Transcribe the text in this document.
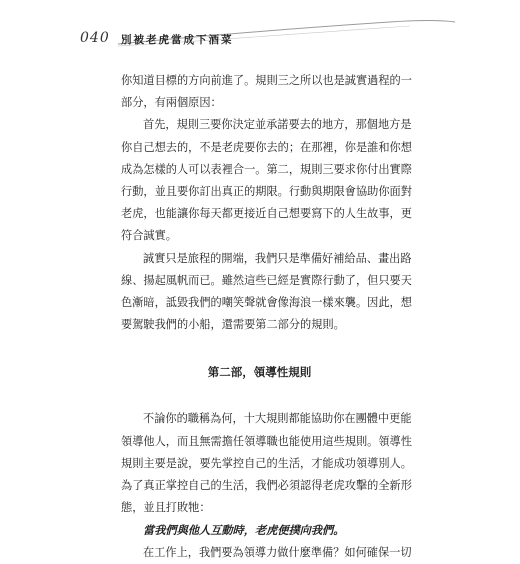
040 別被老虎當成下酒菜
你知道目標的方向前進了。規則三之所以也是誠實過程的一
部分，有兩個原因：
首先，規則三要你決定並承諾要去的地方，那個地方是
你自己想去的，不是老虎要你去的；在那裡，你是誰和你想
成為怎樣的人可以表裡合一。第二，規則三要求你付出實際
行動，並且要你訂出真正的期限。行動與期限會協助你面對
老虎，也能讓你每天都更接近自己想要寫下的人生故事，更
符合誠實。
誠實只是旅程的開端，我們只是準備好補給品、畫出路
線、揚起風帆而已。雖然這些已經是實際行動了，但只要天
色漸暗，詆毀我們的嘲笑聲就會像海浪一樣來襲。因此，想
要駕駛我們的小船，還需要第二部分的規則。
第二部，領導性規則
不論你的職稱為何，十大規則都能協助你在團體中更能
領導他人，而且無需擔任領導職也能使用這些規則。領導性
規則主要是說，要先掌控自己的生活，才能成功領導別人。
為了真正掌控自己的生活，我們必須認得老虎攻擊的全新形
態，並且打敗牠：
當我們與他人互動時，老虎便撲向我們。
在工作上，我們要為領導力做什麼準備？如何確保一切
